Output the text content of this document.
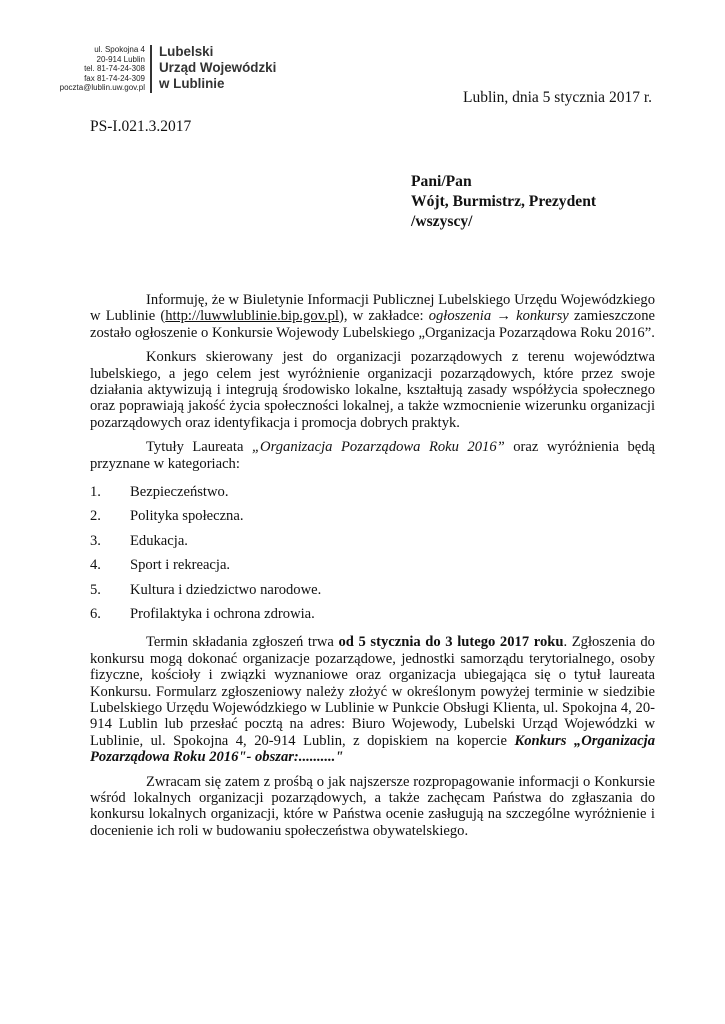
ul. Spokojna 4
20-914 Lublin
tel. 81-74-24-308
fax 81-74-24-309
poczta@lublin.uw.gov.pl
Lubelski
Urząd Wojewódzki
w Lublinie
Lublin, dnia 5 stycznia 2017 r.
PS-I.021.3.2017
Pani/Pan
Wójt, Burmistrz, Prezydent
/wszyscy/

Informuję, że w Biuletynie Informacji Publicznej Lubelskiego Urzędu Wojewódzkiego w Lublinie (http://luwwlublinie.bip.gov.pl), w zakładce: ogłoszenia → konkursy zamieszczone zostało ogłoszenie o Konkursie Wojewody Lubelskiego „Organizacja Pozarządowa Roku 2016”.

Konkurs skierowany jest do organizacji pozarządowych z terenu województwa lubelskiego, a jego celem jest wyróżnienie organizacji pozarządowych, które przez swoje działania aktywizują i integrują środowisko lokalne, kształtują zasady współżycia społecznego oraz poprawiają jakość życia społeczności lokalnej, a także wzmocnienie wizerunku organizacji pozarządowych oraz identyfikacja i promocja dobrych praktyk.

Tytuły Laureata „Organizacja Pozarządowa Roku 2016” oraz wyróżnienia będą przyznane w kategoriach:

1.	Bezpieczeństwo.
2.	Polityka społeczna.
3.	Edukacja.
4.	Sport i rekreacja.
5.	Kultura i dziedzictwo narodowe.
6.	Profilaktyka i ochrona zdrowia.

Termin składania zgłoszeń trwa od 5 stycznia do 3 lutego 2017 roku. Zgłoszenia do konkursu mogą dokonać organizacje pozarządowe, jednostki samorządu terytorialnego, osoby fizyczne, kościoły i związki wyznaniowe oraz organizacja ubiegająca się o tytuł laureata Konkursu. Formularz zgłoszeniowy należy złożyć w określonym powyżej terminie w siedzibie Lubelskiego Urzędu Wojewódzkiego w Lublinie w Punkcie Obsługi Klienta, ul. Spokojna 4, 20-914 Lublin lub przesłać pocztą na adres: Biuro Wojewody, Lubelski Urząd Wojewódzki w Lublinie, ul. Spokojna 4, 20-914 Lublin, z dopiskiem na kopercie Konkurs „Organizacja Pozarządowa Roku 2016"- obszar:.........."

Zwracam się zatem z prośbą o jak najszersze rozpropagowanie informacji o Konkursie wśród lokalnych organizacji pozarządowych, a także zachęcam Państwa do zgłaszania do konkursu lokalnych organizacji, które w Państwa ocenie zasługują na szczególne wyróżnienie i docenienie ich roli w budowaniu społeczeństwa obywatelskiego.
